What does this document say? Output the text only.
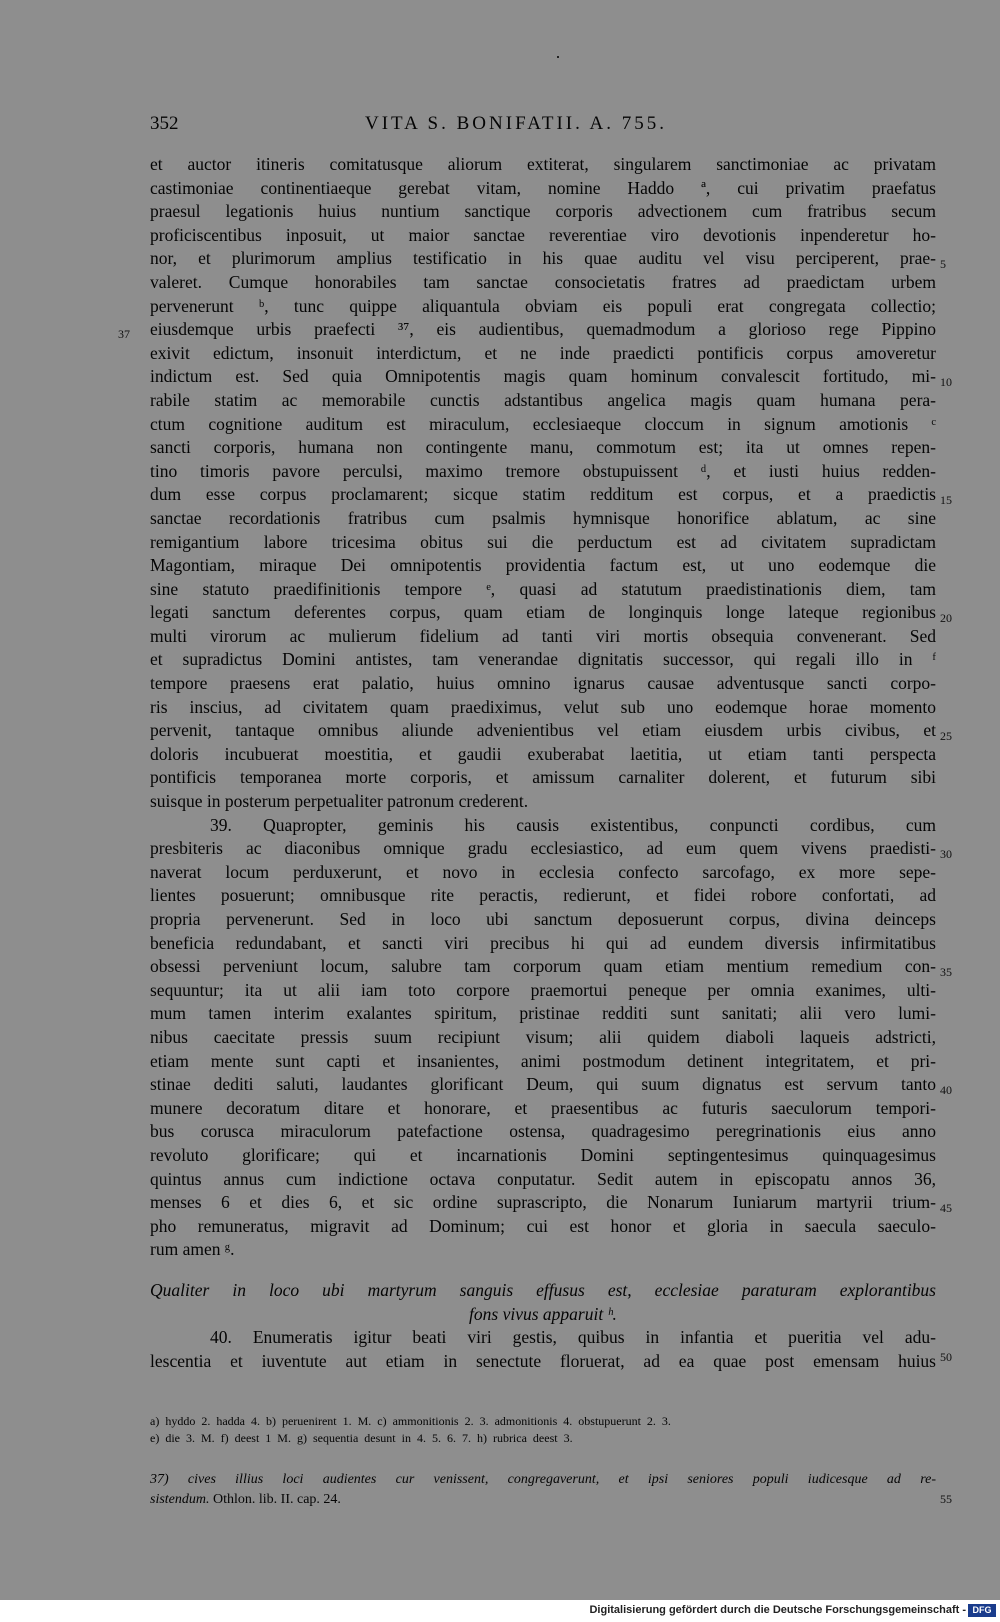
352	VITA S. BONIFATII. A. 755.
et auctor itineris comitatusque aliorum extiterat, singularem sanctimoniae ac privatam
castimoniae continentiaeque gerebat vitam, nomine Haddo ª, cui privatim praefatus
praesul legationis huius nuntium sanctique corporis advectionem cum fratribus secum
proficiscentibus inposuit, ut maior sanctae reverentiae viro devotionis inpenderetur ho-
nor, et plurimorum amplius testificatio in his quae auditu vel visu perciperent, prae-
valeret. Cumque honorabiles tam sanctae consocietatis fratres ad praedictam urbem
pervenerunt ᵇ, tunc quippe aliquantula obviam eis populi erat congregata collectio;
eiusdemque urbis praefecti ³⁷, eis audientibus, quemadmodum a glorioso rege Pippino
exivit edictum, insonuit interdictum, et ne inde praedicti pontificis corpus amoveretur
indictum est. Sed quia Omnipotentis magis quam hominum convalescit fortitudo, mi-
rabile statim ac memorabile cunctis adstantibus angelica magis quam humana pera-
ctum cognitione auditum est miraculum, ecclesiaeque cloccum in signum amotionis ᶜ
sancti corporis, humana non contingente manu, commotum est; ita ut omnes repen-
tino timoris pavore perculsi, maximo tremore obstupuissent ᵈ, et iusti huius redden-
dum esse corpus proclamarent; sicque statim redditum est corpus, et a praedictis
sanctae recordationis fratribus cum psalmis hymnisque honorifice ablatum, ac sine
remigantium labore tricesima obitus sui die perductum est ad civitatem supradictam
Magontiam, miraque Dei omnipotentis providentia factum est, ut uno eodemque die
sine statuto praedifinitionis tempore ᵉ, quasi ad statutum praedistinationis diem, tam
legati sanctum deferentes corpus, quam etiam de longinquis longe lateque regionibus
multi virorum ac mulierum fidelium ad tanti viri mortis obsequia convenerant. Sed
et supradictus Domini antistes, tam venerandae dignitatis successor, qui regali illo in ᶠ
tempore praesens erat palatio, huius omnino ignarus causae adventusque sancti corpo-
ris inscius, ad civitatem quam praediximus, velut sub uno eodemque horae momento
pervenit, tantaque omnibus aliunde advenientibus vel etiam eiusdem urbis civibus, et
doloris incubuerat moestitia, et gaudii exuberabat laetitia, ut etiam tanti perspecta
pontificis temporanea morte corporis, et amissum carnaliter dolerent, et futurum sibi
suisque in posterum perpetualiter patronum crederent.
39. Quapropter, geminis his causis existentibus, conpuncti cordibus, cum
presbiteris ac diaconibus omnique gradu ecclesiastico, ad eum quem vivens praedisti-
naverat locum perduxerunt, et novo in ecclesia confecto sarcofago, ex more sepe-
lientes posuerunt; omnibusque rite peractis, redierunt, et fidei robore confortati, ad
propria pervenerunt. Sed in loco ubi sanctum deposuerunt corpus, divina deinceps
beneficia redundabant, et sancti viri precibus hi qui ad eundem diversis infirmitatibus
obsessi perveniunt locum, salubre tam corporum quam etiam mentium remedium con-
sequuntur; ita ut alii iam toto corpore praemortui peneque per omnia exanimes, ulti-
mum tamen interim exalantes spiritum, pristinae redditi sunt sanitati; alii vero lumi-
nibus caecitate pressis suum recipiunt visum; alii quidem diaboli laqueis adstricti,
etiam mente sunt capti et insanientes, animi postmodum detinent integritatem, et pri-
stinae dediti saluti, laudantes glorificant Deum, qui suum dignatus est servum tanto
munere decoratum ditare et honorare, et praesentibus ac futuris saeculorum tempori-
bus corusca miraculorum patefactione ostensa, quadragesimo peregrinationis eius anno
revoluto glorificare; qui et incarnationis Domini septingentesimus quinquagesimus
quintus annus cum indictione octava conputatur. Sedit autem in episcopatu annos 36,
menses 6 et dies 6, et sic ordine suprascripto, die Nonarum Iuniarum martyrii trium-
pho remuneratus, migravit ad Dominum; cui est honor et gloria in saecula saeculo-
rum amen ᵍ.
Qualiter in loco ubi martyrum sanguis effusus est, ecclesiae paraturam explorantibus
fons vivus apparuit ʰ.
40. Enumeratis igitur beati viri gestis, quibus in infantia et pueritia vel adu-
lescentia et iuventute aut etiam in senectute floruerat, ad ea quae post emensam huius
37
5
10
15
20
25
30
35
40
45
50
55
a) hyddo 2. hadda 4. b) peruenirent 1. M. c) ammonitionis 2. 3. admonitionis 4. obstupuerunt 2. 3.
e) die 3. M. f) deest 1 M. g) sequentia desunt in 4. 5. 6. 7. h) rubrica deest 3.
37) cives illius loci audientes cur venissent, congregaverunt, et ipsi seniores populi iudicesque ad re-
sistendum. Othlon. lib. II. cap. 24.
Digitalisierung gefördert durch die Deutsche Forschungsgemeinschaft - DFG
